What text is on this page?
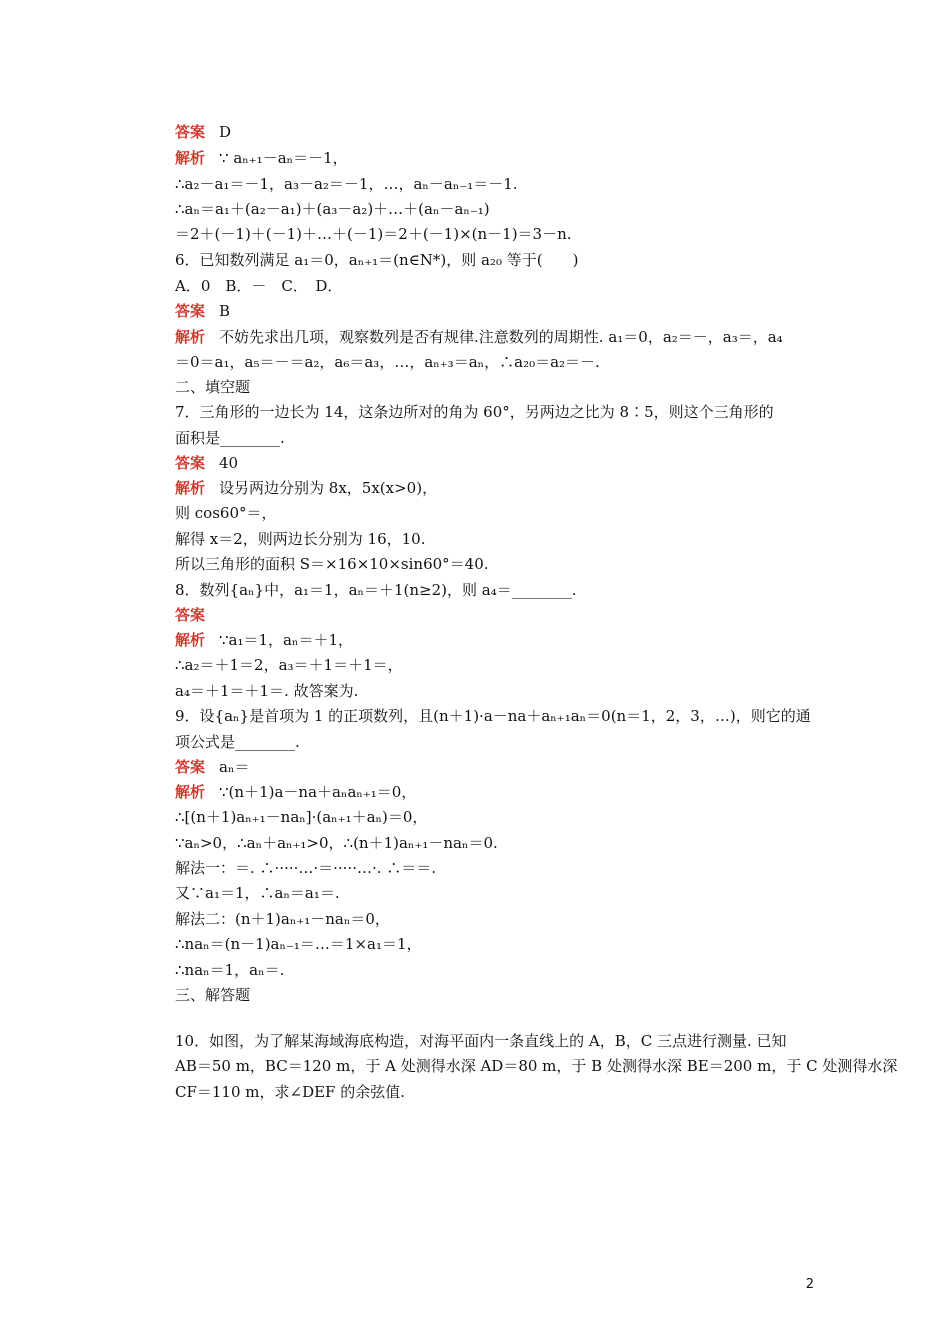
答案 D
解析 ∵ aₙ₊₁－aₙ＝－1，
∴a₂－a₁＝－1，a₃－a₂＝－1，…，aₙ－aₙ₋₁＝－1.
∴aₙ＝a₁＋(a₂－a₁)＋(a₃－a₂)＋…＋(aₙ－aₙ₋₁)
＝2＋(－1)＋(－1)＋…＋(－1)＝2＋(－1)×(n－1)＝3－n.
6．已知数列满足 a₁＝0，aₙ₊₁＝(n∈N*)，则 a₂₀ 等于(　　)
A．0　B．－　C．　D．
答案 B
解析 不妨先求出几项，观察数列是否有规律.注意数列的周期性. a₁＝0，a₂＝－，a₃＝，a₄
＝0＝a₁，a₅＝－＝a₂，a₆＝a₃，…，aₙ₊₃＝aₙ，∴a₂₀＝a₂＝－.
二、填空题
7．三角形的一边长为 14，这条边所对的角为 60°，另两边之比为 8∶5，则这个三角形的
面积是________.
答案 40
解析 设另两边分别为 8x，5x(x>0)，
则 cos60°＝，
解得 x＝2，则两边长分别为 16，10.
所以三角形的面积 S＝×16×10×sin60°＝40.
8．数列{aₙ}中，a₁＝1，aₙ＝＋1(n≥2)，则 a₄＝________.
答案
解析 ∵a₁＝1，aₙ＝＋1，
∴a₂＝＋1＝2，a₃＝＋1＝＋1＝，
a₄＝＋1＝＋1＝. 故答案为.
9．设{aₙ}是首项为 1 的正项数列，且(n＋1)·a－na＋aₙ₊₁aₙ＝0(n＝1，2，3，…)，则它的通
项公式是________.
答案 aₙ＝
解析 ∵(n＋1)a－na＋aₙaₙ₊₁＝0，
∴[(n＋1)aₙ₊₁－naₙ]·(aₙ₊₁＋aₙ)＝0，
∵aₙ>0，∴aₙ＋aₙ₊₁>0，∴(n＋1)aₙ₊₁－naₙ＝0.
解法一：＝. ∴·····…·＝·····…·. ∴＝＝.
又∵a₁＝1，∴aₙ＝a₁＝.
解法二：(n＋1)aₙ₊₁－naₙ＝0，
∴naₙ＝(n－1)aₙ₋₁＝…＝1×a₁＝1，
∴naₙ＝1，aₙ＝.
三、解答题
10．如图，为了解某海域海底构造，对海平面内一条直线上的 A，B，C 三点进行测量. 已知
AB＝50 m，BC＝120 m，于 A 处测得水深 AD＝80 m，于 B 处测得水深 BE＝200 m，于 C 处测得水深
CF＝110 m，求∠DEF 的余弦值.
2
